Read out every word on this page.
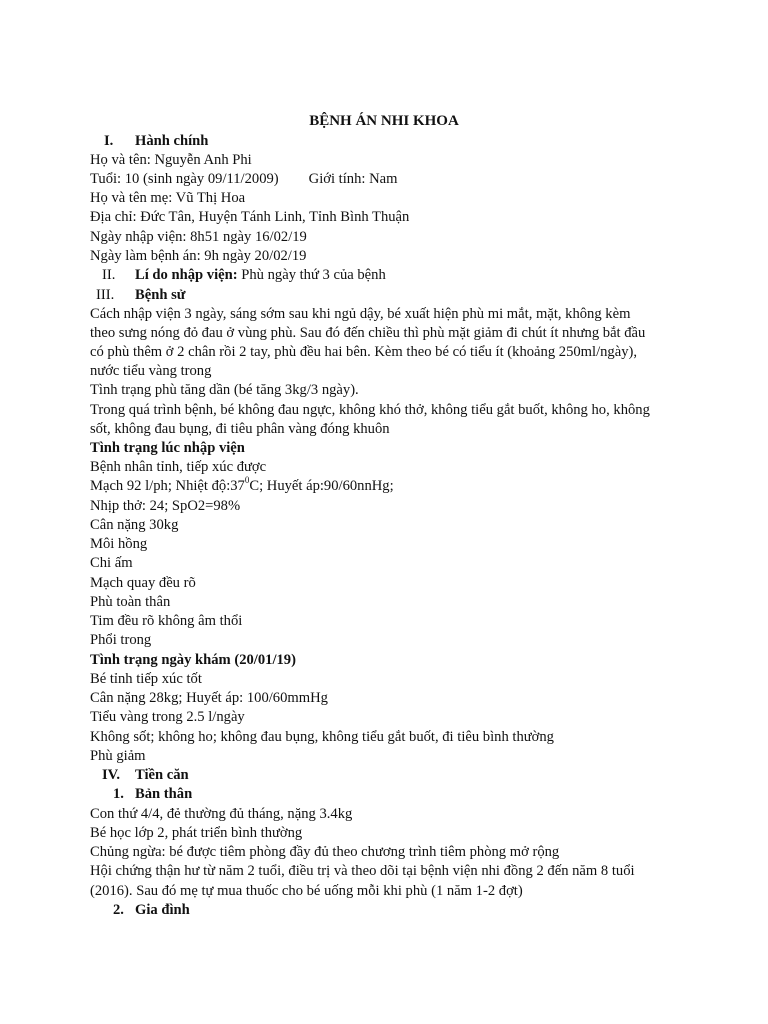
BỆNH ÁN NHI KHOA
I. Hành chính
Họ và tên: Nguyễn Anh Phi
Tuổi: 10 (sinh ngày 09/11/2009) Giới tính: Nam
Họ và tên mẹ: Vũ Thị Hoa
Địa chỉ: Đức Tân, Huyện Tánh Linh, Tỉnh Bình Thuận
Ngày nhập viện: 8h51 ngày 16/02/19
Ngày làm bệnh án: 9h ngày 20/02/19
II. Lí do nhập viện: Phù ngày thứ 3 của bệnh
III. Bệnh sử
Cách nhập viện 3 ngày, sáng sớm sau khi ngủ dậy, bé xuất hiện phù mi mắt, mặt, không kèm
theo sưng nóng đỏ đau ở vùng phù. Sau đó đến chiều thì phù mặt giảm đi chút ít nhưng bắt đầu
có phù thêm ở 2 chân rồi 2 tay, phù đều hai bên. Kèm theo bé có tiểu ít (khoảng 250ml/ngày),
nước tiểu vàng trong
Tình trạng phù tăng dần (bé tăng 3kg/3 ngày).
Trong quá trình bệnh, bé không đau ngực, không khó thở, không tiểu gắt buốt, không ho, không
sốt, không đau bụng, đi tiêu phân vàng đóng khuôn
Tình trạng lúc nhập viện
Bệnh nhân tỉnh, tiếp xúc được
Mạch 92 l/ph; Nhiệt $độ:37^0C$; Huyết áp:90/60nnHg;
Nhịp thở: 24; SpO2=98%
Cân nặng 30kg
Môi hồng
Chi ấm
Mạch quay đều rõ
Phù toàn thân
Tim đều rõ không âm thổi
Phổi trong
Tình trạng ngày khám (20/01/19)
Bé tỉnh tiếp xúc tốt
Cân nặng 28kg; Huyết áp: 100/60mmHg
Tiểu vàng trong 2.5 l/ngày
Không sốt; không ho; không đau bụng, không tiểu gắt buốt, đi tiêu bình thường
Phù giảm
IV. Tiền căn
1. Bản thân
Con thứ 4/4, đẻ thường đủ tháng, nặng 3.4kg
Bé học lớp 2, phát triển bình thường
Chủng ngừa: bé được tiêm phòng đầy đủ theo chương trình tiêm phòng mở rộng
Hội chứng thận hư từ năm 2 tuổi, điều trị và theo dõi tại bệnh viện nhi đồng 2 đến năm 8 tuổi
(2016). Sau đó mẹ tự mua thuốc cho bé uống mỗi khi phù (1 năm 1-2 đợt)
2. Gia đình
